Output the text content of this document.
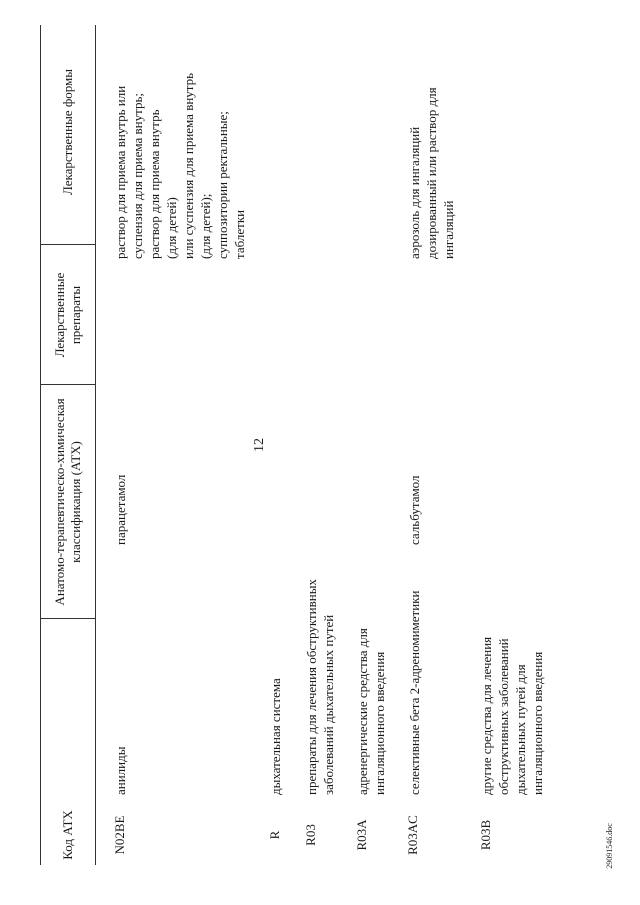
12
29091546.doc
Код АТХ
Анатомо-терапевтическо-химическая классификация (АТХ)
Лекарственные препараты
Лекарственные формы
N02BE
анилиды
парацетамол
раствор для приема внутрь или
суспензия для приема внутрь;
раствор для приема внутрь
(для детей)
или суспензия для приема внутрь
(для детей);
суппозитории ректальные;
таблетки
R
дыхательная система
R03
препараты для лечения обструктивных
заболеваний дыхательных путей
R03A
адренергические средства для
ингаляционного введения
R03AC
селективные бета 2-адреномиметики
сальбутамол
аэрозоль для ингаляций
дозированный или раствор для
ингаляций
R03B
другие средства для лечения
обструктивных заболеваний
дыхательных путей для
ингаляционного введения
